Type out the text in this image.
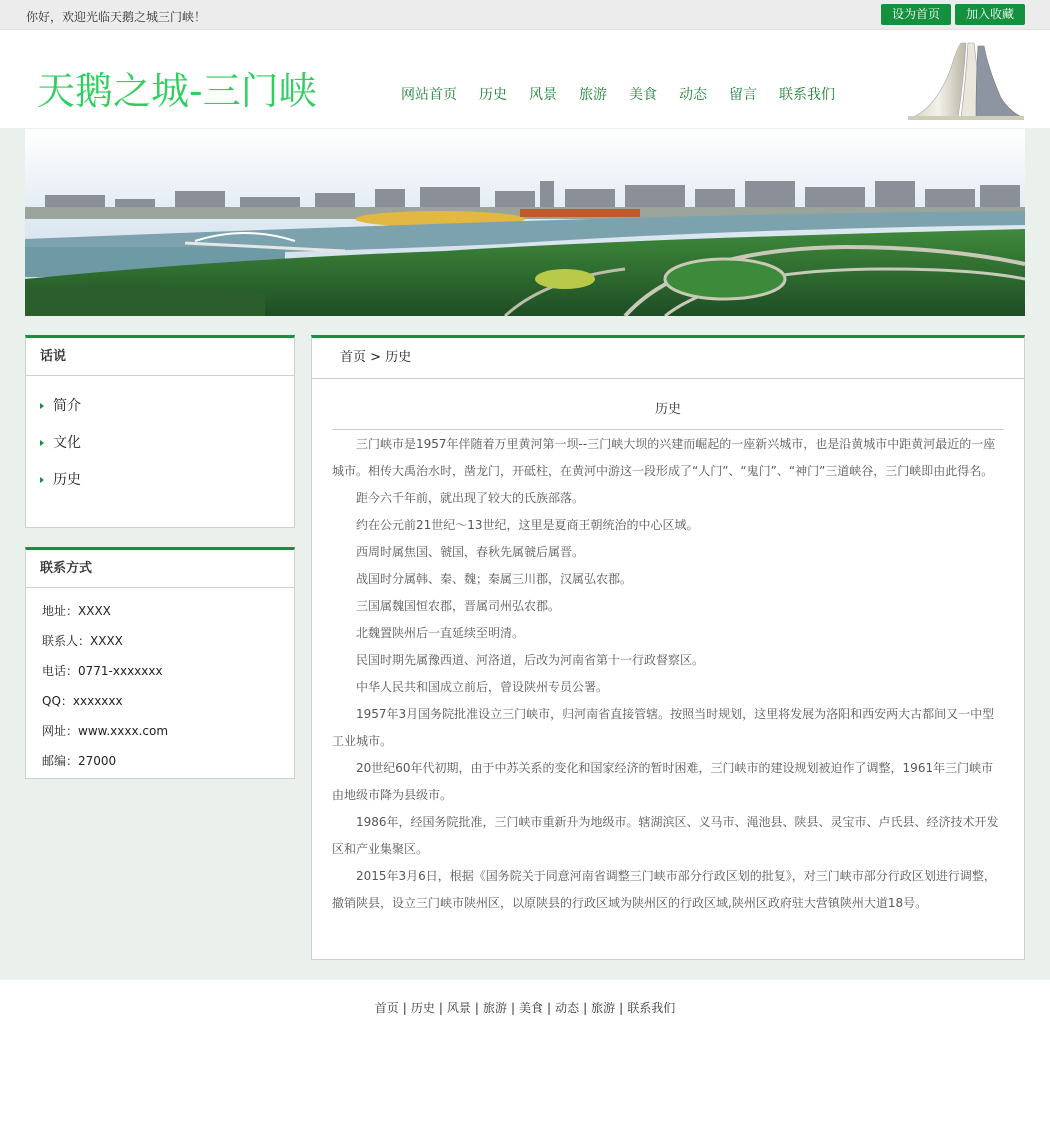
你好，欢迎光临天鹅之城三门峡！	设为首页	加入收藏
天鹅之城-三门峡	网站首页 历史 风景 旅游 美食 动态 留言 联系我们
话说
简介
文化
历史
联系方式
地址：XXXX
联系人：XXXX
电话：0771-xxxxxxx
QQ：xxxxxxx
网址：www.xxxx.com
邮编：27000
首页 > 历史
历史

三门峡市是1957年伴随着万里黄河第一坝--三门峡大坝的兴建而崛起的一座新兴城市，也是沿黄城市中距黄河最近的一座城市。相传大禹治水时，凿龙门，开砥柱，在黄河中游这一段形成了“人门”、“鬼门”、“神门”三道峡谷，三门峡即由此得名。

距今六千年前，就出现了较大的氏族部落。

约在公元前21世纪～13世纪，这里是夏商王朝统治的中心区域。

西周时属焦国、虢国，春秋先属虢后属晋。

战国时分属韩、秦、魏；秦属三川郡，汉属弘农郡。

三国属魏国恒农郡，晋属司州弘农郡。

北魏置陕州后一直延续至明清。

民国时期先属豫西道、河洛道，后改为河南省第十一行政督察区。

中华人民共和国成立前后，曾设陕州专员公署。

1957年3月国务院批准设立三门峡市，归河南省直接管辖。按照当时规划，这里将发展为洛阳和西安两大古都间又一中型工业城市。

20世纪60年代初期，由于中苏关系的变化和国家经济的暂时困难，三门峡市的建设规划被迫作了调整，1961年三门峡市由地级市降为县级市。

1986年，经国务院批准，三门峡市重新升为地级市。辖湖滨区、义马市、渑池县、陕县、灵宝市、卢氏县、经济技术开发区和产业集聚区。

2015年3月6日，根据《国务院关于同意河南省调整三门峡市部分行政区划的批复》，对三门峡市部分行政区划进行调整，撤销陕县，设立三门峡市陕州区，以原陕县的行政区域为陕州区的行政区域,陕州区政府驻大营镇陕州大道18号。

首页 | 历史 | 风景 | 旅游 | 美食 | 动态 | 旅游 | 联系我们
